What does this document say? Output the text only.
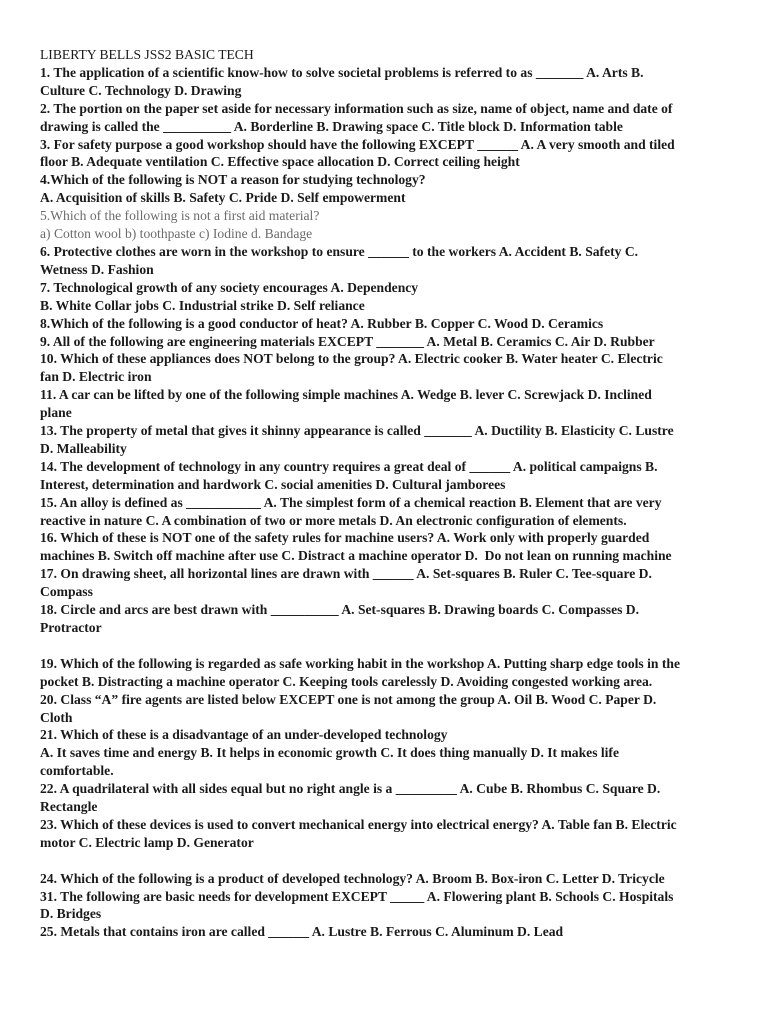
LIBERTY BELLS JSS2 BASIC TECH
1. The application of a scientific know-how to solve societal problems is referred to as _______ A. Arts B.
Culture C. Technology D. Drawing
2. The portion on the paper set aside for necessary information such as size, name of object, name and date of
drawing is called the __________ A. Borderline B. Drawing space C. Title block D. Information table
3. For safety purpose a good workshop should have the following EXCEPT ______ A. A very smooth and tiled
floor B. Adequate ventilation C. Effective space allocation D. Correct ceiling height
4.Which of the following is NOT a reason for studying technology?
A. Acquisition of skills B. Safety C. Pride D. Self empowerment
5.Which of the following is not a first aid material?
a) Cotton wool b) toothpaste c) Iodine d. Bandage
6. Protective clothes are worn in the workshop to ensure ______ to the workers A. Accident B. Safety C.
Wetness D. Fashion
7. Technological growth of any society encourages A. Dependency
B. White Collar jobs C. Industrial strike D. Self reliance
8.Which of the following is a good conductor of heat? A. Rubber B. Copper C. Wood D. Ceramics
9. All of the following are engineering materials EXCEPT _______ A. Metal B. Ceramics C. Air D. Rubber
10. Which of these appliances does NOT belong to the group? A. Electric cooker B. Water heater C. Electric
fan D. Electric iron
11. A car can be lifted by one of the following simple machines A. Wedge B. lever C. Screwjack D. Inclined
plane
13. The property of metal that gives it shinny appearance is called _______ A. Ductility B. Elasticity C. Lustre
D. Malleability
14. The development of technology in any country requires a great deal of ______ A. political campaigns B.
Interest, determination and hardwork C. social amenities D. Cultural jamborees
15. An alloy is defined as ___________ A. The simplest form of a chemical reaction B. Element that are very
reactive in nature C. A combination of two or more metals D. An electronic configuration of elements.
16. Which of these is NOT one of the safety rules for machine users? A. Work only with properly guarded
machines B. Switch off machine after use C. Distract a machine operator D.  Do not lean on running machine
17. On drawing sheet, all horizontal lines are drawn with ______ A. Set-squares B. Ruler C. Tee-square D.
Compass
18. Circle and arcs are best drawn with __________ A. Set-squares B. Drawing boards C. Compasses D.
Protractor
19. Which of the following is regarded as safe working habit in the workshop A. Putting sharp edge tools in the
pocket B. Distracting a machine operator C. Keeping tools carelessly D. Avoiding congested working area.
20. Class “A” fire agents are listed below EXCEPT one is not among the group A. Oil B. Wood C. Paper D.
Cloth
21. Which of these is a disadvantage of an under-developed technology
A. It saves time and energy B. It helps in economic growth C. It does thing manually D. It makes life
comfortable.
22. A quadrilateral with all sides equal but no right angle is a _________ A. Cube B. Rhombus C. Square D.
Rectangle
23. Which of these devices is used to convert mechanical energy into electrical energy? A. Table fan B. Electric
motor C. Electric lamp D. Generator
24. Which of the following is a product of developed technology? A. Broom B. Box-iron C. Letter D. Tricycle
31. The following are basic needs for development EXCEPT _____ A. Flowering plant B. Schools C. Hospitals
D. Bridges
25. Metals that contains iron are called ______ A. Lustre B. Ferrous C. Aluminum D. Lead
